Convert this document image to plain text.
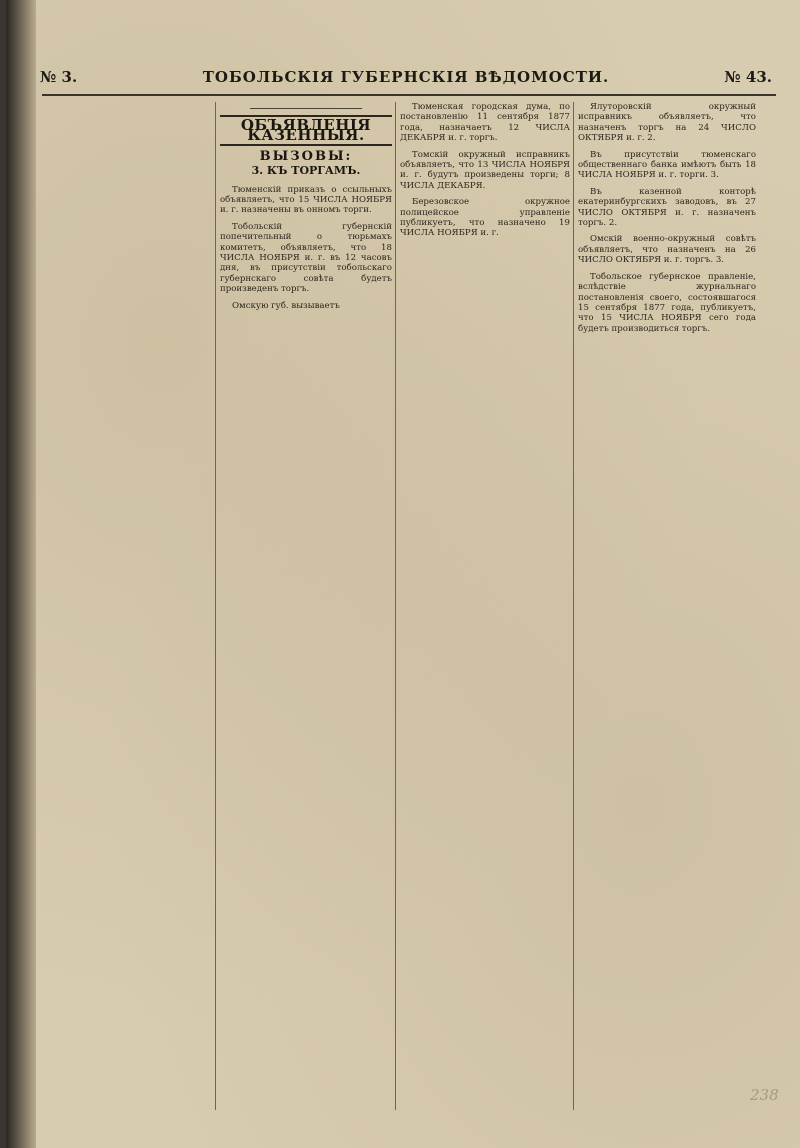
№ 3.	ТОБОЛЬСКІЯ ГУБЕРНСКІЯ ВѢДОМОСТИ.	№ 43.
ОБЪЯВЛЕНІЯ КАЗЕННЫЯ.
ВЫЗОВЫ:
3. КЪ ТОРГАМЪ.

Тюменскій приказъ о ссыльныхъ объявляетъ, что 15 ЧИСЛА НОЯБРЯ и. г. назначены въ онномъ торги.

Тобольскій губернскій попечительный о тюрьмахъ комитетъ, объявляетъ, что 18 ЧИСЛА НОЯБРЯ и. г. въ 12 часовъ дня, въ присутствіи тобольскаго губернскаго совѣта будетъ произведенъ торгъ.

Омскую губ. вызываетъ

Тюменская городская дума, по постановленію 11 сентября 1877 года, назначаетъ 12 ЧИСЛА ДЕКАБРЯ и. г. торгъ.

Томскій окружный исправникъ объявляетъ, что 13 ЧИСЛА НОЯБРЯ и. г. будутъ произведены торги; 8 ЧИСЛА ДЕКАБРЯ.

Березовское окружное полицейское управленіе публикуетъ, что назначено 19 ЧИСЛА НОЯБРЯ и. г.

Ялуторовскій окружный исправникъ объявляетъ, что назначенъ торгъ на 24 ЧИСЛО ОКТЯБРЯ и. г. 2.

Въ присутствіи тюменскаго общественнаго банка имѣютъ быть 18 ЧИСЛА НОЯБРЯ и. г. торги. 3.

Въ казенной конторѣ екатеринбургскихъ заводовъ, въ 27 ЧИСЛО ОКТЯБРЯ и. г. назначенъ торгъ. 2.

Омскій военно-окружный совѣтъ объявляетъ, что назначенъ на 26 ЧИСЛО ОКТЯБРЯ и. г. торгъ. 3.

Тобольское губернское правленіе, вслѣдствіе журнальнаго постановленія своего, состоявшагося 15 сентября 1877 года, публикуетъ, что 15 ЧИСЛА НОЯБРЯ сего года будетъ производиться торгъ.

238
